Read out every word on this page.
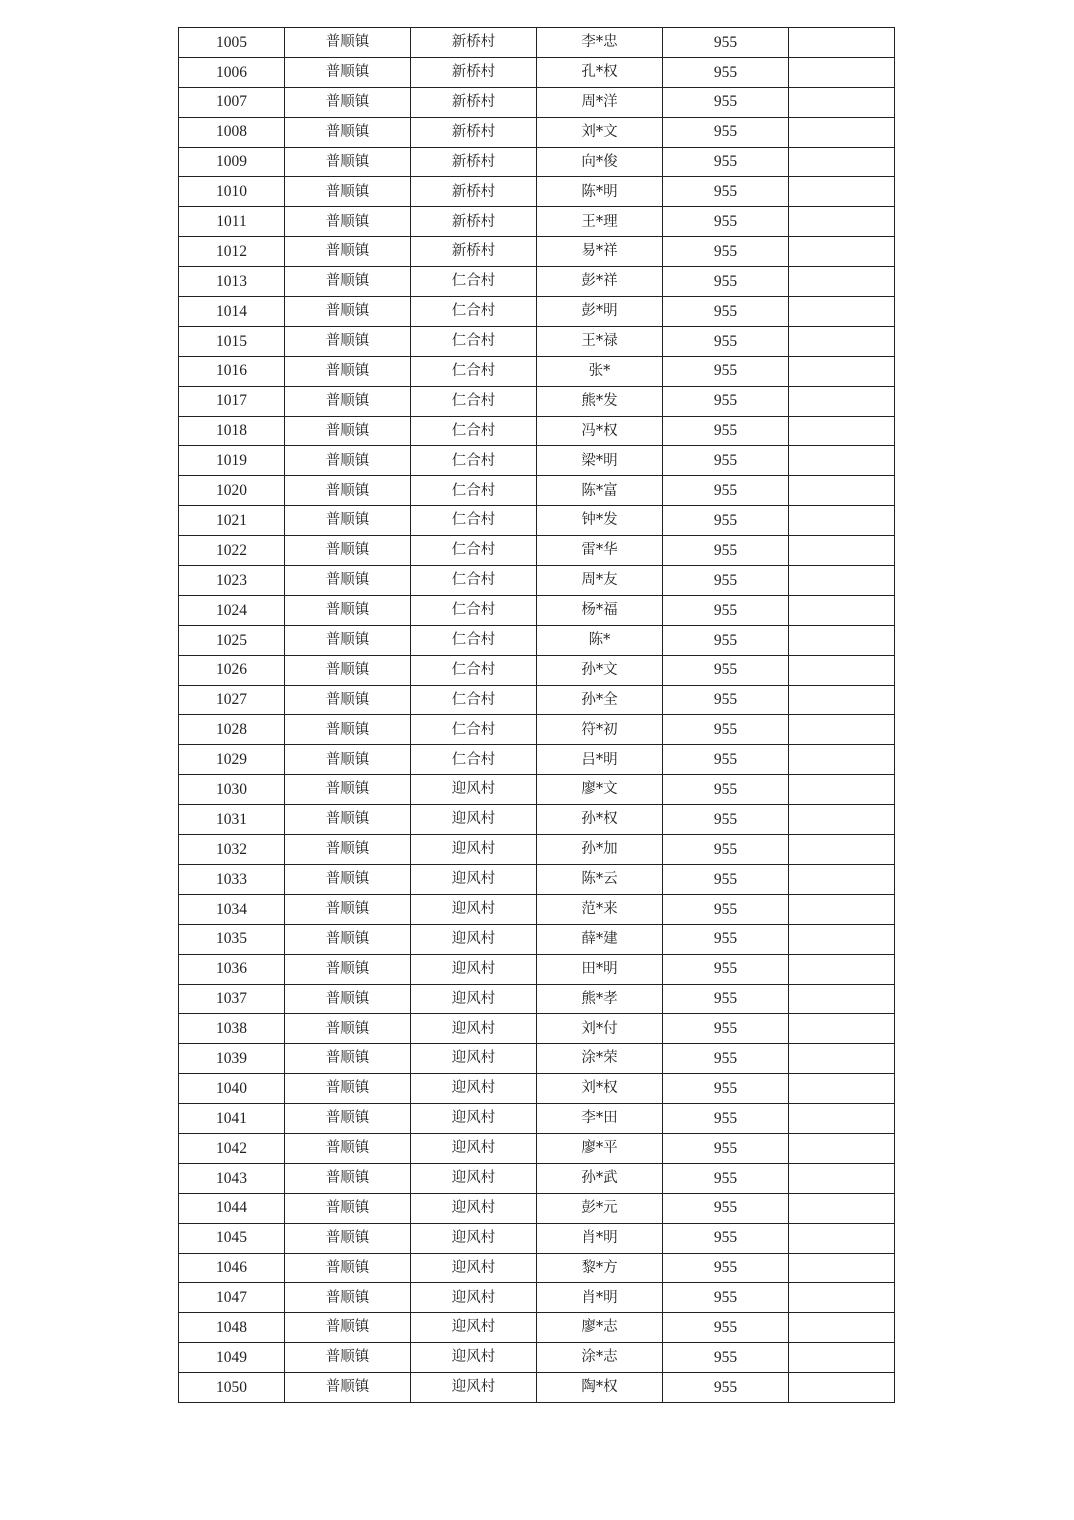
1005	普顺镇	新桥村	李*忠	955	
1006	普顺镇	新桥村	孔*权	955	
1007	普顺镇	新桥村	周*洋	955	
1008	普顺镇	新桥村	刘*文	955	
1009	普顺镇	新桥村	向*俊	955	
1010	普顺镇	新桥村	陈*明	955	
1011	普顺镇	新桥村	王*理	955	
1012	普顺镇	新桥村	易*祥	955	
1013	普顺镇	仁合村	彭*祥	955	
1014	普顺镇	仁合村	彭*明	955	
1015	普顺镇	仁合村	王*禄	955	
1016	普顺镇	仁合村	张*	955	
1017	普顺镇	仁合村	熊*发	955	
1018	普顺镇	仁合村	冯*权	955	
1019	普顺镇	仁合村	梁*明	955	
1020	普顺镇	仁合村	陈*富	955	
1021	普顺镇	仁合村	钟*发	955	
1022	普顺镇	仁合村	雷*华	955	
1023	普顺镇	仁合村	周*友	955	
1024	普顺镇	仁合村	杨*福	955	
1025	普顺镇	仁合村	陈*	955	
1026	普顺镇	仁合村	孙*文	955	
1027	普顺镇	仁合村	孙*全	955	
1028	普顺镇	仁合村	符*初	955	
1029	普顺镇	仁合村	吕*明	955	
1030	普顺镇	迎风村	廖*文	955	
1031	普顺镇	迎风村	孙*权	955	
1032	普顺镇	迎风村	孙*加	955	
1033	普顺镇	迎风村	陈*云	955	
1034	普顺镇	迎风村	范*来	955	
1035	普顺镇	迎风村	薛*建	955	
1036	普顺镇	迎风村	田*明	955	
1037	普顺镇	迎风村	熊*孝	955	
1038	普顺镇	迎风村	刘*付	955	
1039	普顺镇	迎风村	涂*荣	955	
1040	普顺镇	迎风村	刘*权	955	
1041	普顺镇	迎风村	李*田	955	
1042	普顺镇	迎风村	廖*平	955	
1043	普顺镇	迎风村	孙*武	955	
1044	普顺镇	迎风村	彭*元	955	
1045	普顺镇	迎风村	肖*明	955	
1046	普顺镇	迎风村	黎*方	955	
1047	普顺镇	迎风村	肖*明	955	
1048	普顺镇	迎风村	廖*志	955	
1049	普顺镇	迎风村	涂*志	955	
1050	普顺镇	迎风村	陶*权	955	
